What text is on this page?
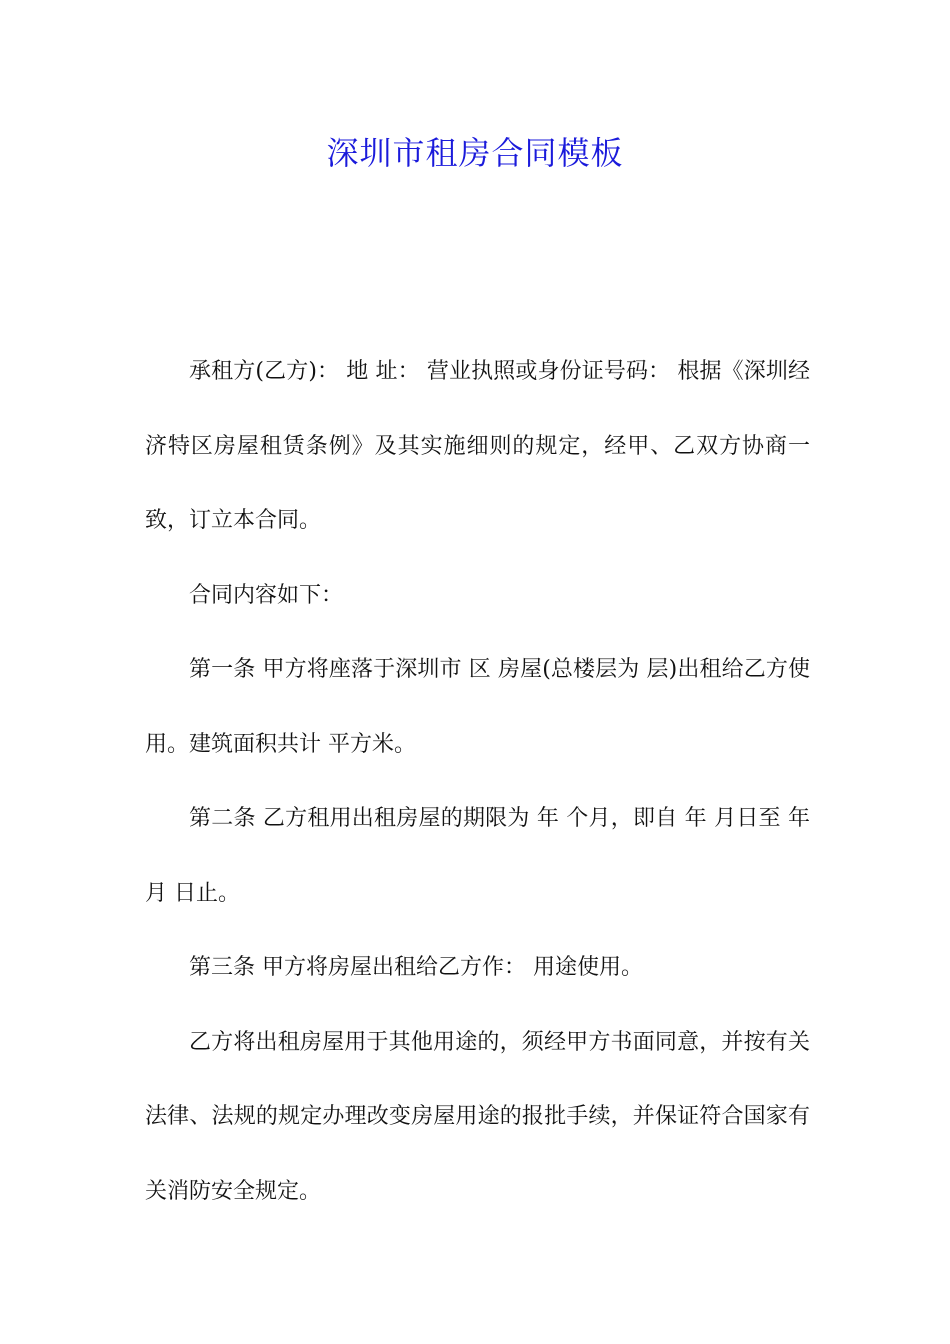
深圳市租房合同模板

承租方(乙方)： 地 址： 营业执照或身份证号码： 根据《深圳经济特区房屋租赁条例》及其实施细则的规定，经甲、乙双方协商一致，订立本合同。

合同内容如下：

第一条 甲方将座落于深圳市 区 房屋(总楼层为 层)出租给乙方使用。建筑面积共计 平方米。

第二条 乙方租用出租房屋的期限为 年 个月，即自 年 月日至 年 月 日止。

第三条 甲方将房屋出租给乙方作： 用途使用。

乙方将出租房屋用于其他用途的，须经甲方书面同意，并按有关法律、法规的规定办理改变房屋用途的报批手续，并保证符合国家有关消防安全规定。
